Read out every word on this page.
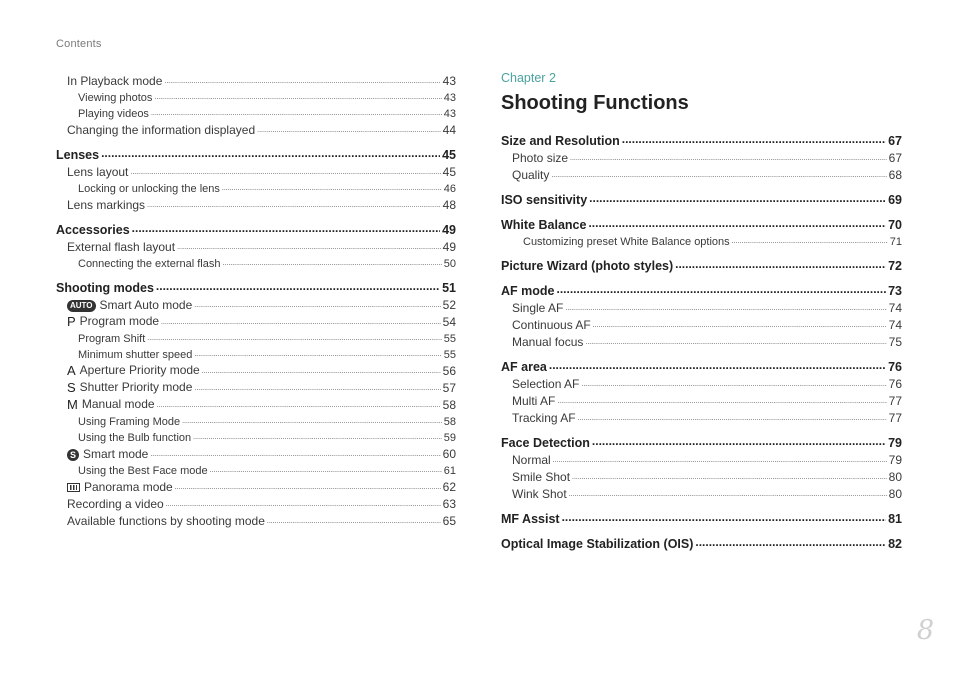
Contents
In Playback mode .....	43
Viewing photos .....	43
Playing videos .....	43
Changing the information displayed .....	44
Lenses .....	45
Lens layout .....	45
Locking or unlocking the lens .....	46
Lens markings .....	48
Accessories .....	49
External flash layout .....	49
Connecting the external flash .....	50
Shooting modes .....	51
AUTO Smart Auto mode .....	52
P Program mode .....	54
Program Shift .....	55
Minimum shutter speed .....	55
A Aperture Priority mode .....	56
S Shutter Priority mode .....	57
M Manual mode .....	58
Using Framing Mode .....	58
Using the Bulb function .....	59
S Smart mode .....	60
Using the Best Face mode .....	61
Panorama mode .....	62
Recording a video .....	63
Available functions by shooting mode .....	65
Chapter 2
Shooting Functions
Size and Resolution .....	67
Photo size .....	67
Quality .....	68
ISO sensitivity .....	69
White Balance .....	70
Customizing preset White Balance options .....	71
Picture Wizard (photo styles) .....	72
AF mode .....	73
Single AF .....	74
Continuous AF .....	74
Manual focus .....	75
AF area .....	76
Selection AF .....	76
Multi AF .....	77
Tracking AF .....	77
Face Detection .....	79
Normal .....	79
Smile Shot .....	80
Wink Shot .....	80
MF Assist .....	81
Optical Image Stabilization (OIS) .....	82
8
